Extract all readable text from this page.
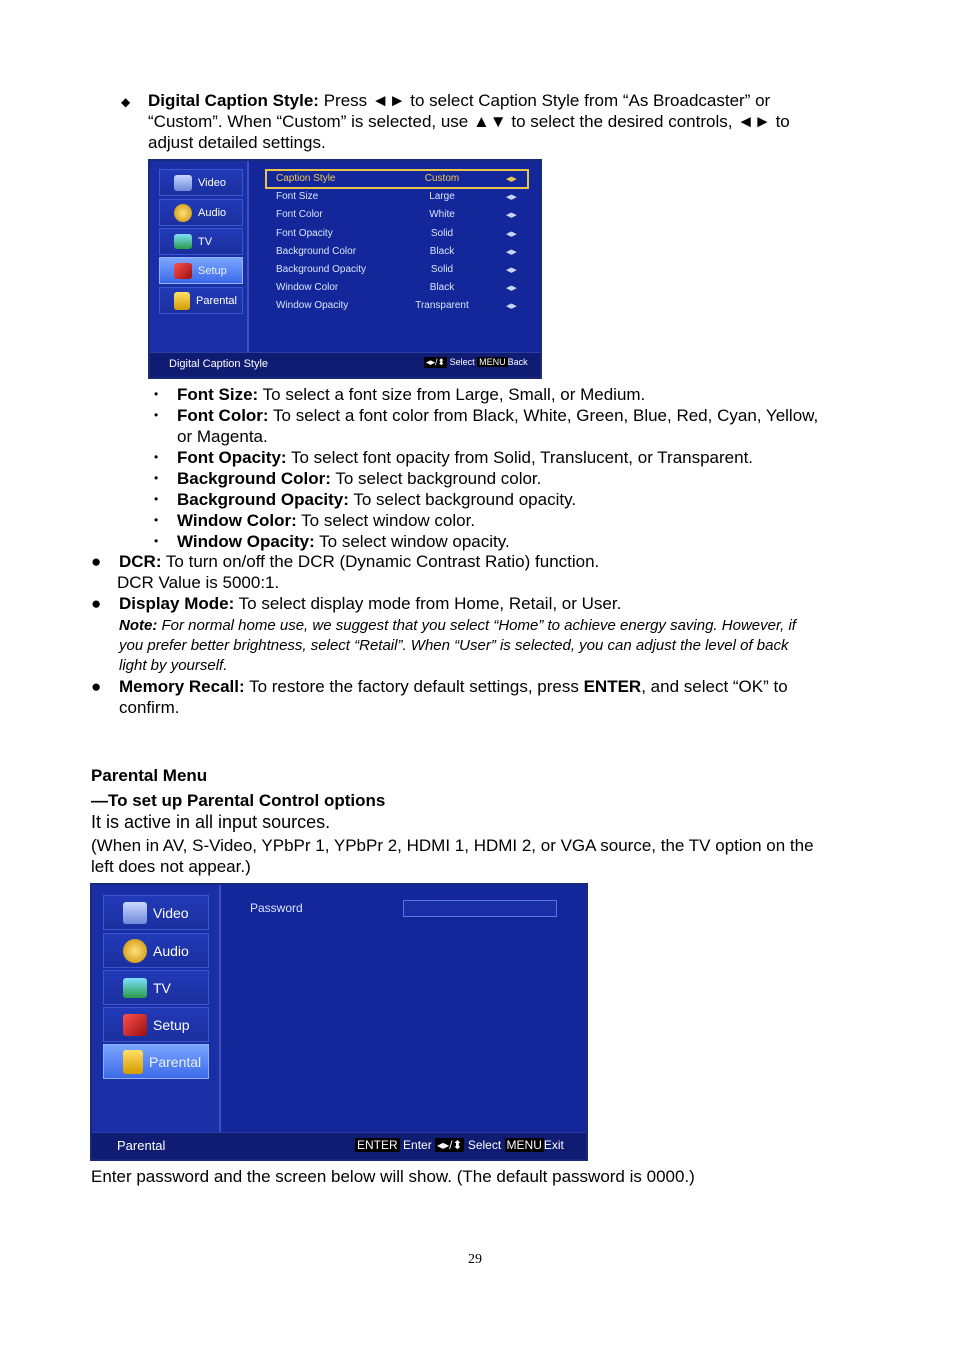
◆ Digital Caption Style: Press ◄► to select Caption Style from “As Broadcaster” or
“Custom”. When “Custom” is selected, use ▲▼ to select the desired controls, ◄► to
adjust detailed settings.
Video
Audio
TV
Setup
Parental
Caption Style	Custom	◀▶
Font Size	Large	◀▶
Font Color	White	◀▶
Font Opacity	Solid	◀▶
Background Color	Black	◀▶
Background Opacity	Solid	◀▶
Window Color	Black	◀▶
Window Opacity	Transparent	◀▶
Digital Caption Style	◂▸/⬍ Select MENU Back
• Font Size: To select a font size from Large, Small, or Medium.
• Font Color: To select a font color from Black, White, Green, Blue, Red, Cyan, Yellow,
or Magenta.
• Font Opacity: To select font opacity from Solid, Translucent, or Transparent.
• Background Color: To select background color.
• Background Opacity: To select background opacity.
• Window Color: To select window color.
• Window Opacity: To select window opacity.
● DCR: To turn on/off the DCR (Dynamic Contrast Ratio) function.
DCR Value is 5000:1.
● Display Mode: To select display mode from Home, Retail, or User.
Note: For normal home use, we suggest that you select “Home” to achieve energy saving. However, if
you prefer better brightness, select “Retail”. When “User” is selected, you can adjust the level of back
light by yourself.
● Memory Recall: To restore the factory default settings, press ENTER, and select “OK” to
confirm.
Parental Menu
—To set up Parental Control options
It is active in all input sources.
(When in AV, S-Video, YPbPr 1, YPbPr 2, HDMI 1, HDMI 2, or VGA source, the TV option on the
left does not appear.)
Video
Audio
TV
Setup
Parental
Password
Parental	ENTER Enter ◂▸/⬍ Select MENU Exit
Enter password and the screen below will show. (The default password is 0000.)
29
